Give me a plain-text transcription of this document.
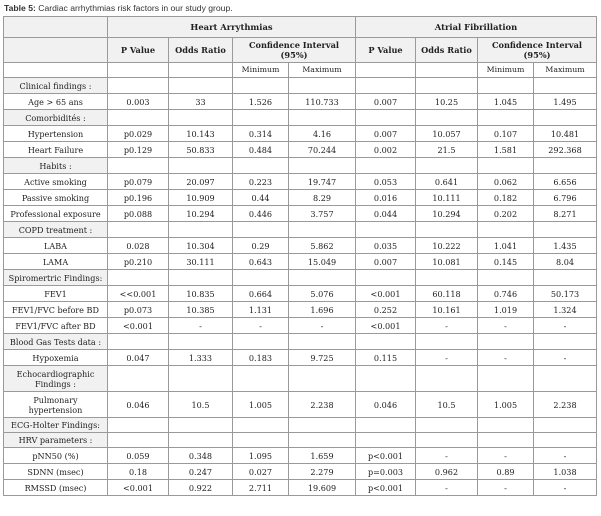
Table 5: Cardiac arrhythmias risk factors in our study group.
	Heart Arrythmias				Atrial Fibrillation			
	P Value	Odds Ratio	Confidence Interval (95%)		P Value	Odds Ratio	Confidence Interval (95%)	
			Minimum	Maximum			Minimum	Maximum
Clinical findings :								
Age > 65 ans	0.003	33	1.526	110.733	0.007	10.25	1.045	1.495
Comorbidités :								
Hypertension	p0.029	10.143	0.314	4.16	0.007	10.057	0.107	10.481
Heart Failure	p0.129	50.833	0.484	70.244	0.002	21.5	1.581	292.368
Habits :								
Active smoking	p0.079	20.097	0.223	19.747	0.053	0.641	0.062	6.656
Passive smoking	p0.196	10.909	0.44	8.29	0.016	10.111	0.182	6.796
Professional exposure	p0.088	10.294	0.446	3.757	0.044	10.294	0.202	8.271
COPD treatment :								
LABA	0.028	10.304	0.29	5.862	0.035	10.222	1.041	1.435
LAMA	p0.210	30.111	0.643	15.049	0.007	10.081	0.145	8.04
Spiromertric Findings:								
FEV1	<<0.001	10.835	0.664	5.076	<0.001	60.118	0.746	50.173
FEV1/FVC before BD	p0.073	10.385	1.131	1.696	0.252	10.161	1.019	1.324
FEV1/FVC after BD	<0.001	-	-	-	<0.001	-	-	-
Blood Gas Tests data :								
Hypoxemia	0.047	1.333	0.183	9.725	0.115	-	-	-
Echocardiographic Findings :								
Pulmonary hypertension	0.046	10.5	1.005	2.238	0.046	10.5	1.005	2.238
ECG-Holter Findings:								
HRV parameters :								
pNN50 (%)	0.059	0.348	1.095	1.659	p<0.001	-	-	-
SDNN (msec)	0.18	0.247	0.027	2.279	p=0.003	0.962	0.89	1.038
RMSSD (msec)	<0.001	0.922	2.711	19.609	p<0.001	-	-	-
